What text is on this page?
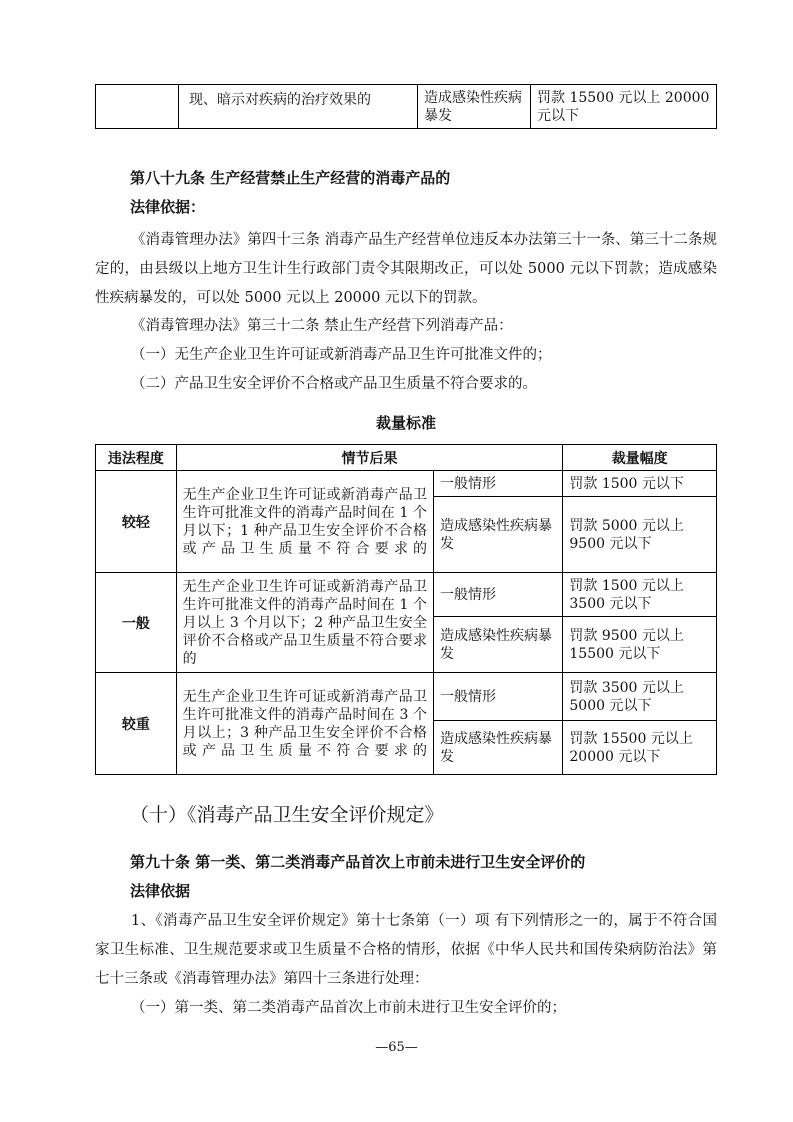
	现、暗示对疾病的治疗效果的	造成感染性疾病暴发	罚款 15500 元以上 20000 元以下
第八十九条 生产经营禁止生产经营的消毒产品的
法律依据：
《消毒管理办法》第四十三条 消毒产品生产经营单位违反本办法第三十一条、第三十二条规定的，由县级以上地方卫生计生行政部门责令其限期改正，可以处 5000 元以下罚款；造成感染性疾病暴发的，可以处 5000 元以上 20000 元以下的罚款。
《消毒管理办法》第三十二条 禁止生产经营下列消毒产品：
（一）无生产企业卫生许可证或新消毒产品卫生许可批准文件的；
（二）产品卫生安全评价不合格或产品卫生质量不符合要求的。
裁量标准
违法程度	情节后果		裁量幅度
较轻	无生产企业卫生许可证或新消毒产品卫生许可批准文件的消毒产品时间在 1 个月以下；1 种产品卫生安全评价不合格或产品卫生质量不符合要求的	一般情形	罚款 1500 元以下
		造成感染性疾病暴发	罚款 5000 元以上 9500 元以下
一般	无生产企业卫生许可证或新消毒产品卫生许可批准文件的消毒产品时间在 1 个月以上 3 个月以下；2 种产品卫生安全评价不合格或产品卫生质量不符合要求的	一般情形	罚款 1500 元以上 3500 元以下
		造成感染性疾病暴发	罚款 9500 元以上 15500 元以下
较重	无生产企业卫生许可证或新消毒产品卫生许可批准文件的消毒产品时间在 3 个月以上；3 种产品卫生安全评价不合格或产品卫生质量不符合要求的	一般情形	罚款 3500 元以上 5000 元以下
		造成感染性疾病暴发	罚款 15500 元以上 20000 元以下
（十）《消毒产品卫生安全评价规定》
第九十条 第一类、第二类消毒产品首次上市前未进行卫生安全评价的
法律依据
1、《消毒产品卫生安全评价规定》第十七条第（一）项 有下列情形之一的，属于不符合国家卫生标准、卫生规范要求或卫生质量不合格的情形，依据《中华人民共和国传染病防治法》第七十三条或《消毒管理办法》第四十三条进行处理：
（一）第一类、第二类消毒产品首次上市前未进行卫生安全评价的；
—65—
